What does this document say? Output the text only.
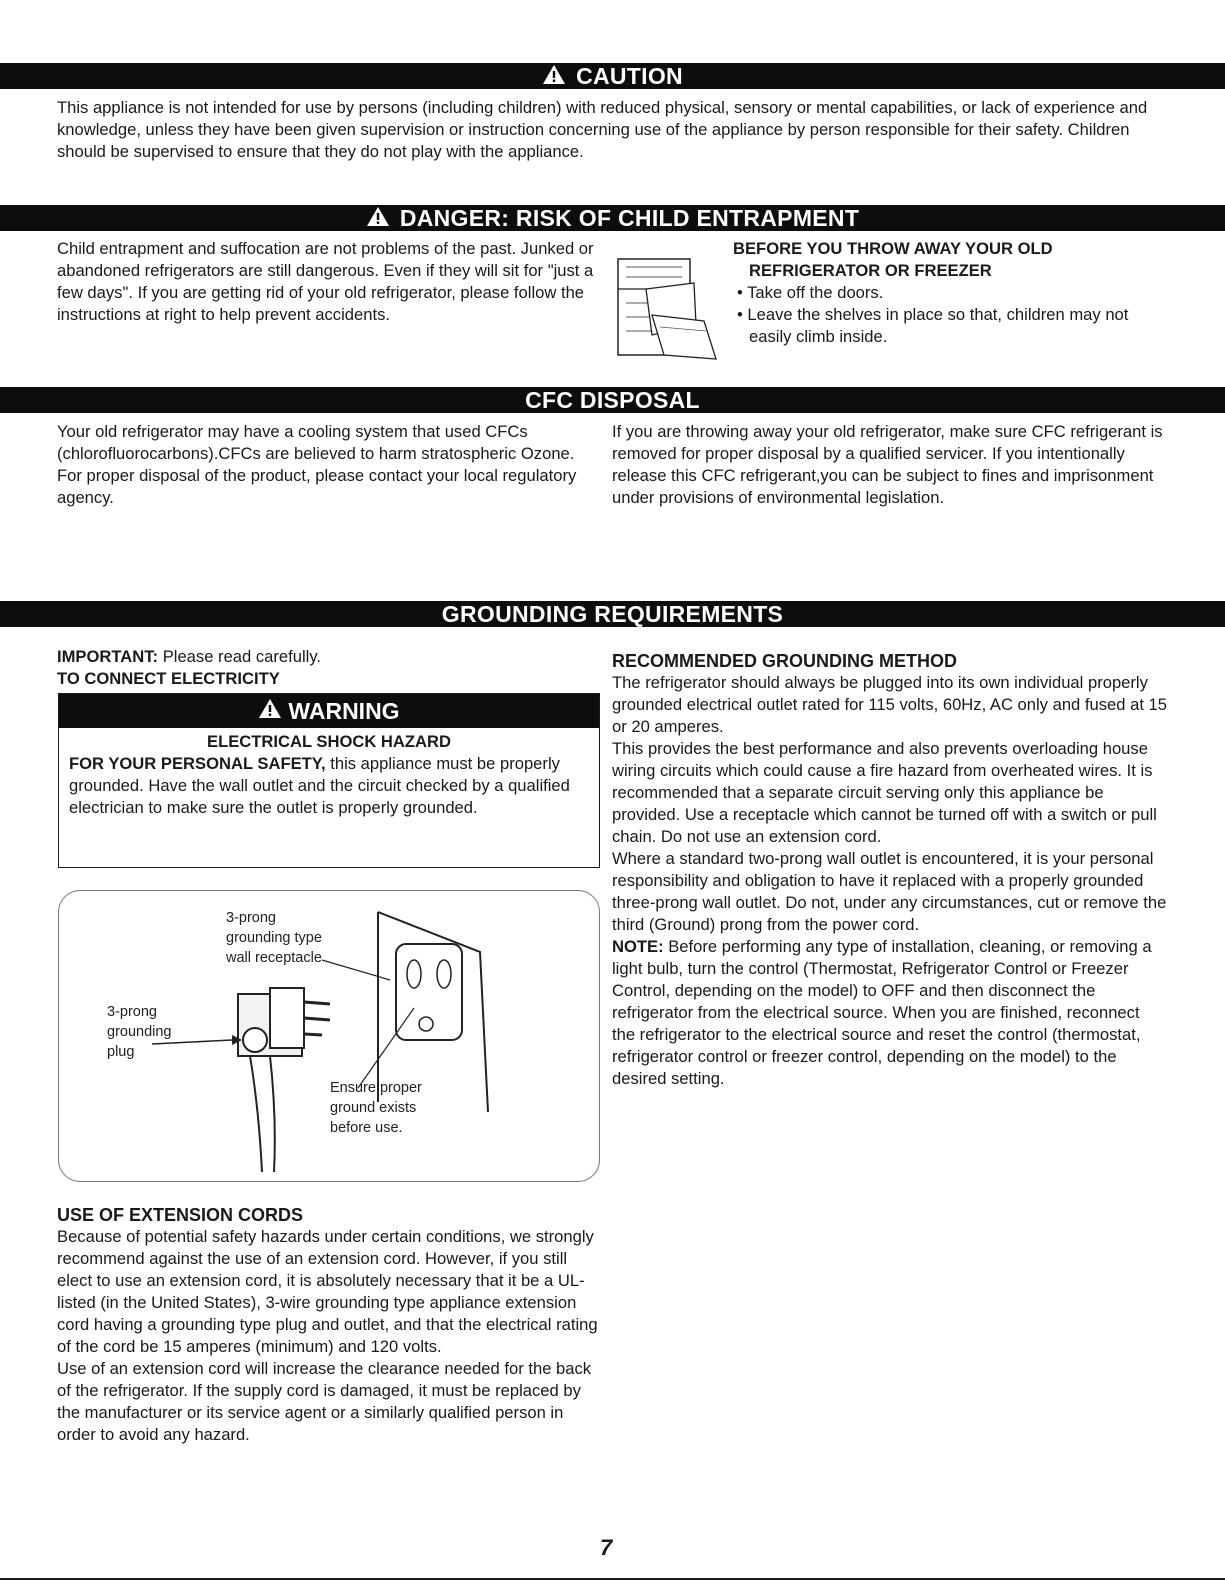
CAUTION

This appliance is not intended for use by persons (including children) with reduced physical, sensory or mental capabilities, or lack of experience and knowledge, unless they have been given supervision or instruction concerning use of the appliance by person responsible for their safety. Children should be supervised to ensure that they do not play with the appliance.

DANGER: RISK OF CHILD ENTRAPMENT

Child entrapment and suffocation are not problems of the past. Junked or abandoned refrigerators are still dangerous. Even if they will sit for "just a few days". If you are getting rid of your old refrigerator, please follow the instructions at right to help prevent accidents.

BEFORE YOU THROW AWAY YOUR OLD

REFRIGERATOR OR FREEZER

• Take off the doors.
• Leave the shelves in place so that, children may not easily climb inside.
CFC DISPOSAL

Your old refrigerator may have a cooling system that used CFCs (chlorofluorocarbons).CFCs are believed to harm stratospheric Ozone.

For proper disposal of the product, please contact your local regulatory agency.

If you are throwing away your old refrigerator, make sure CFC refrigerant is removed for proper disposal by a qualified servicer. If you intentionally release this CFC refrigerant,you can be subject to fines and imprisonment under provisions of environmental legislation.

GROUNDING REQUIREMENTS

IMPORTANT: Please read carefully.

TO CONNECT ELECTRICITY

WARNING

ELECTRICAL SHOCK HAZARD

FOR YOUR PERSONAL SAFETY, this appliance must be properly grounded. Have the wall outlet and the circuit checked by a qualified electrician to make sure the outlet is properly grounded.

3-prong
grounding type
wall receptacle
3-prong
grounding
plug
Ensure proper
ground exists
before use.

RECOMMENDED GROUNDING METHOD

The refrigerator should always be plugged into its own individual properly grounded electrical outlet rated for 115 volts, 60Hz, AC only and fused at 15 or 20 amperes.

This provides the best performance and also prevents overloading house wiring circuits which could cause a fire hazard from overheated wires. It is recommended that a separate circuit serving only this appliance be provided. Use a receptacle which cannot be turned off with a switch or pull chain. Do not use an extension cord.

Where a standard two-prong wall outlet is encountered, it is your personal responsibility and obligation to have it replaced with a properly grounded three-prong wall outlet. Do not, under any circumstances, cut or remove the third (Ground) prong from the power cord.

NOTE: Before performing any type of installation, cleaning, or removing a light bulb, turn the control (Thermostat, Refrigerator Control or Freezer Control, depending on the model) to OFF and then disconnect the refrigerator from the electrical source. When you are finished, reconnect the refrigerator to the electrical source and reset the control (thermostat, refrigerator control or freezer control, depending on the model) to the desired setting.

USE OF EXTENSION CORDS

Because of potential safety hazards under certain conditions, we strongly recommend against the use of an extension cord. However, if you still elect to use an extension cord, it is absolutely necessary that it be a UL-listed (in the United States), 3-wire grounding type appliance extension cord having a grounding type plug and outlet, and that the electrical rating of the cord be 15 amperes (minimum) and 120 volts.

Use of an extension cord will increase the clearance needed for the back of the refrigerator. If the supply cord is damaged, it must be replaced by the manufacturer or its service agent or a similarly qualified person in order to avoid any hazard.

7
